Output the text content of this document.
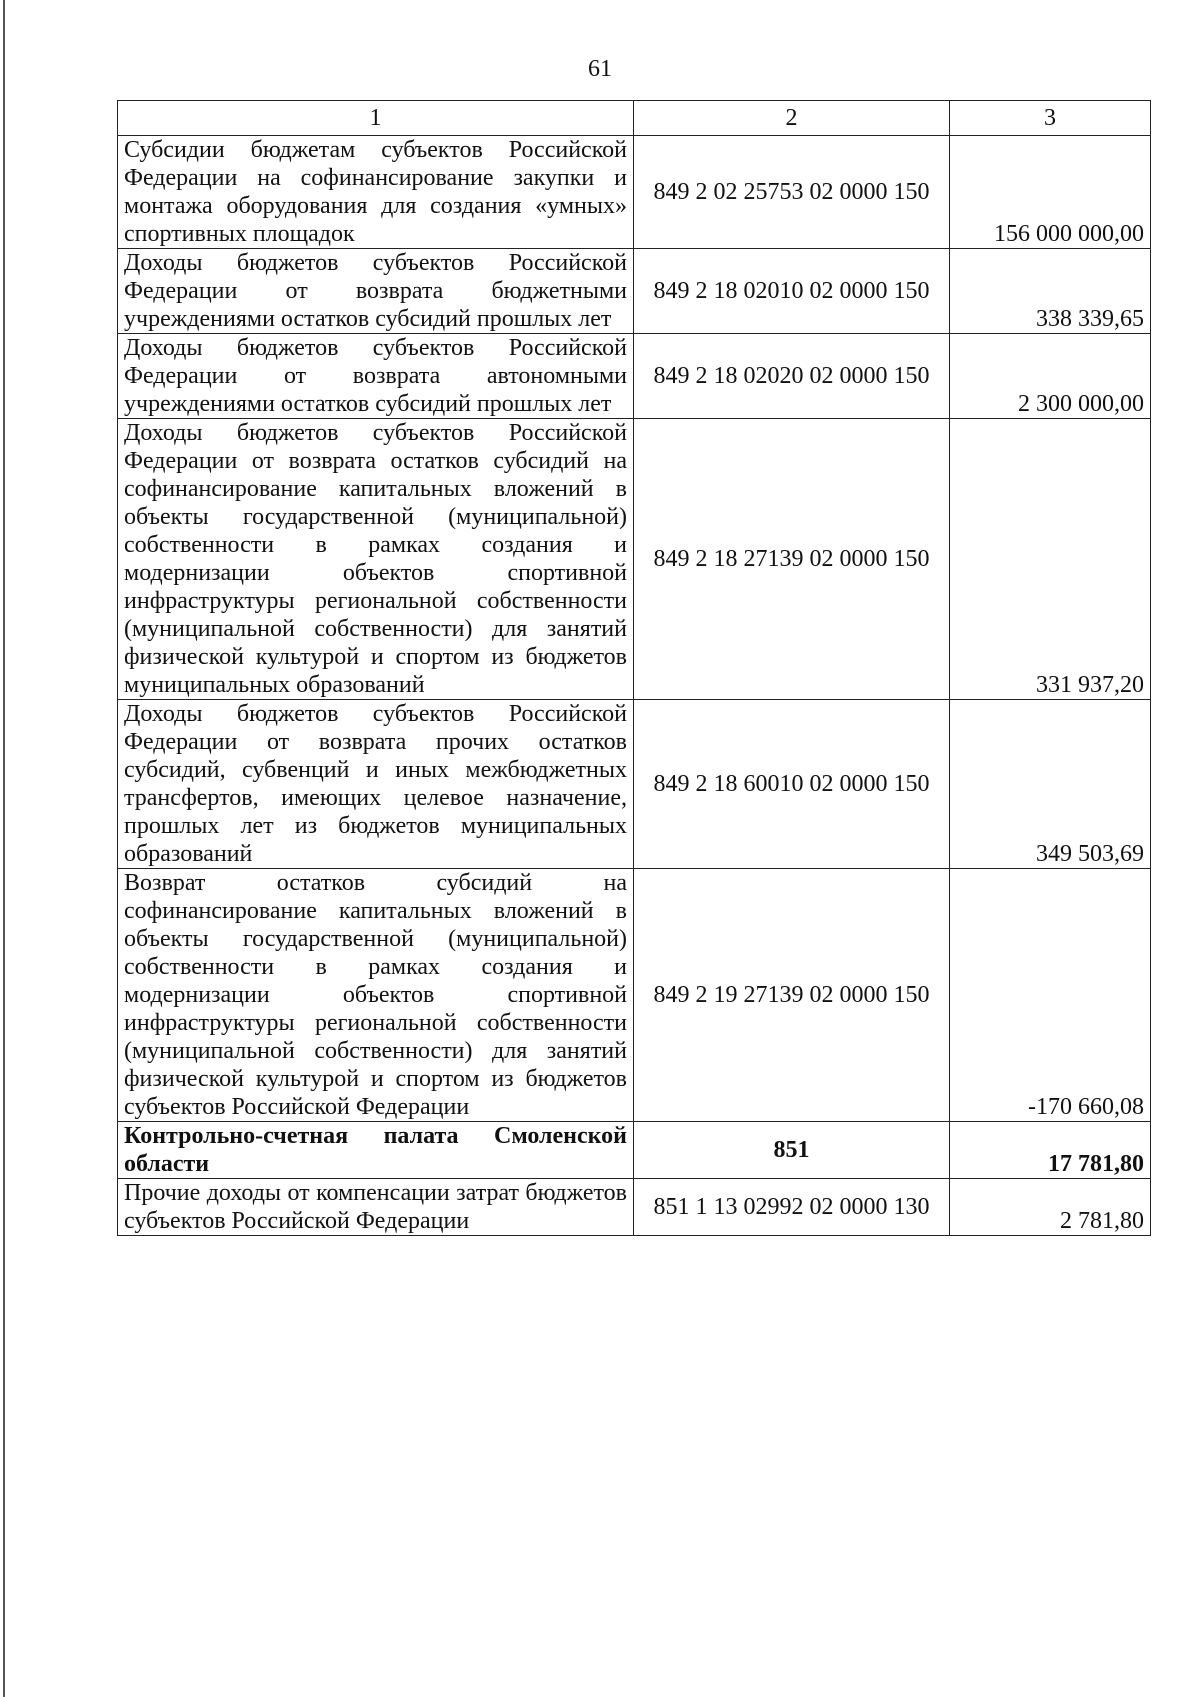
61
1	2	3
Субсидии бюджетам субъектов Российской Федерации на софинансирование закупки и монтажа оборудования для создания «умных» спортивных площадок	849 2 02 25753 02 0000 150	156 000 000,00
Доходы бюджетов субъектов Российской Федерации от возврата бюджетными учреждениями остатков субсидий прошлых лет	849 2 18 02010 02 0000 150	338 339,65
Доходы бюджетов субъектов Российской Федерации от возврата автономными учреждениями остатков субсидий прошлых лет	849 2 18 02020 02 0000 150	2 300 000,00
Доходы бюджетов субъектов Российской Федерации от возврата остатков субсидий на софинансирование капитальных вложений в объекты государственной (муниципальной) собственности в рамках создания и модернизации объектов спортивной инфраструктуры региональной собственности (муниципальной собственности) для занятий физической культурой и спортом из бюджетов муниципальных образований	849 2 18 27139 02 0000 150	331 937,20
Доходы бюджетов субъектов Российской Федерации от возврата прочих остатков субсидий, субвенций и иных межбюджетных трансфертов, имеющих целевое назначение, прошлых лет из бюджетов муниципальных образований	849 2 18 60010 02 0000 150	349 503,69
Возврат остатков субсидий на софинансирование капитальных вложений в объекты государственной (муниципальной) собственности в рамках создания и модернизации объектов спортивной инфраструктуры региональной собственности (муниципальной собственности) для занятий физической культурой и спортом из бюджетов субъектов Российской Федерации	849 2 19 27139 02 0000 150	-170 660,08
Контрольно-счетная палата Смоленской области	851	17 781,80
Прочие доходы от компенсации затрат бюджетов субъектов Российской Федерации	851 1 13 02992 02 0000 130	2 781,80
